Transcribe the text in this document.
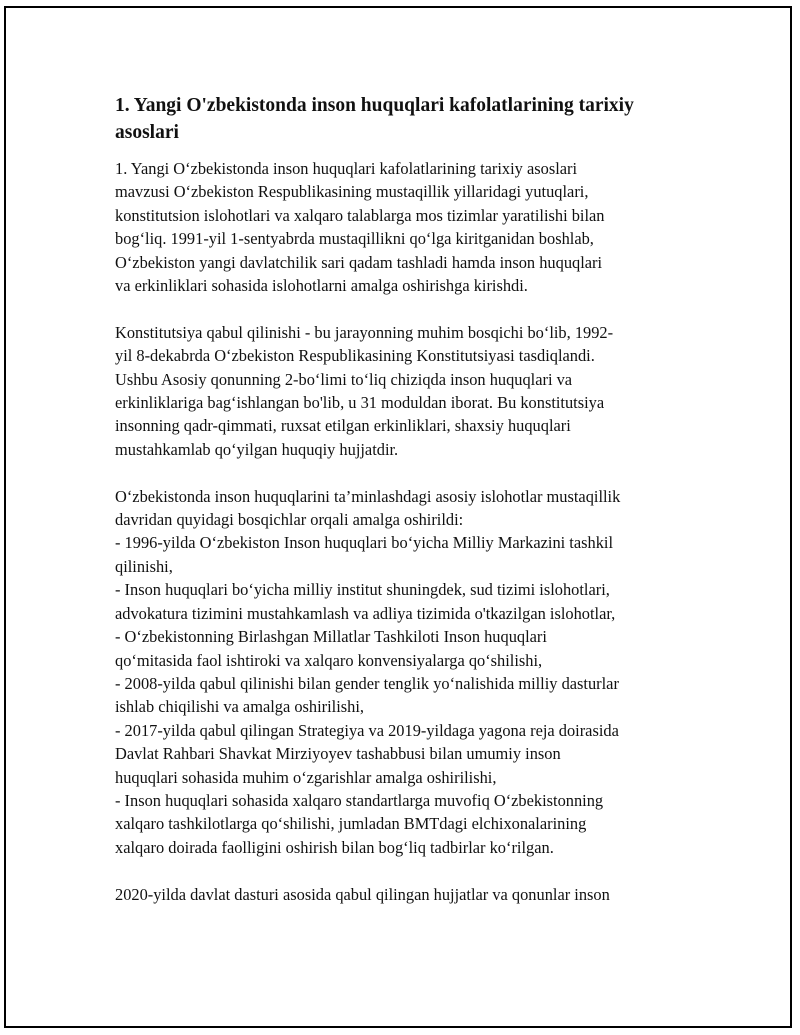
1. Yangi O'zbekistonda inson huquqlari kafolatlarining tarixiy
asoslari

1. Yangi O‘zbekistonda inson huquqlari kafolatlarining tarixiy asoslari
mavzusi O‘zbekiston Respublikasining mustaqillik yillaridagi yutuqlari,
konstitutsion islohotlari va xalqaro talablarga mos tizimlar yaratilishi bilan
bog‘liq. 1991-yil 1-sentyabrda mustaqillikni qo‘lga kiritganidan boshlab,
O‘zbekiston yangi davlatchilik sari qadam tashladi hamda inson huquqlari
va erkinliklari sohasida islohotlarni amalga oshirishga kirishdi.

Konstitutsiya qabul qilinishi - bu jarayonning muhim bosqichi bo‘lib, 1992-
yil 8-dekabrda O‘zbekiston Respublikasining Konstitutsiyasi tasdiqlandi.
Ushbu Asosiy qonunning 2-bo‘limi to‘liq chiziqda inson huquqlari va
erkinliklariga bag‘ishlangan bo'lib, u 31 moduldan iborat. Bu konstitutsiya
insonning qadr-qimmati, ruxsat etilgan erkinliklari, shaxsiy huquqlari
mustahkamlab qo‘yilgan huquqiy hujjatdir.

O‘zbekistonda inson huquqlarini ta’minlashdagi asosiy islohotlar mustaqillik
davridan quyidagi bosqichlar orqali amalga oshirildi:
- 1996-yilda O‘zbekiston Inson huquqlari bo‘yicha Milliy Markazini tashkil
qilinishi,
- Inson huquqlari bo‘yicha milliy institut shuningdek, sud tizimi islohotlari,
advokatura tizimini mustahkamlash va adliya tizimida o'tkazilgan islohotlar,
- O‘zbekistonning Birlashgan Millatlar Tashkiloti Inson huquqlari
qo‘mitasida faol ishtiroki va xalqaro konvensiyalarga qo‘shilishi,
- 2008-yilda qabul qilinishi bilan gender tenglik yo‘nalishida milliy dasturlar
ishlab chiqilishi va amalga oshirilishi,
- 2017-yilda qabul qilingan Strategiya va 2019-yildaga yagona reja doirasida
Davlat Rahbari Shavkat Mirziyoyev tashabbusi bilan umumiy inson
huquqlari sohasida muhim o‘zgarishlar amalga oshirilishi,
- Inson huquqlari sohasida xalqaro standartlarga muvofiq O‘zbekistonning
xalqaro tashkilotlarga qo‘shilishi, jumladan BMTdagi elchixonalarining
xalqaro doirada faolligini oshirish bilan bog‘liq tadbirlar ko‘rilgan.

2020-yilda davlat dasturi asosida qabul qilingan hujjatlar va qonunlar inson
